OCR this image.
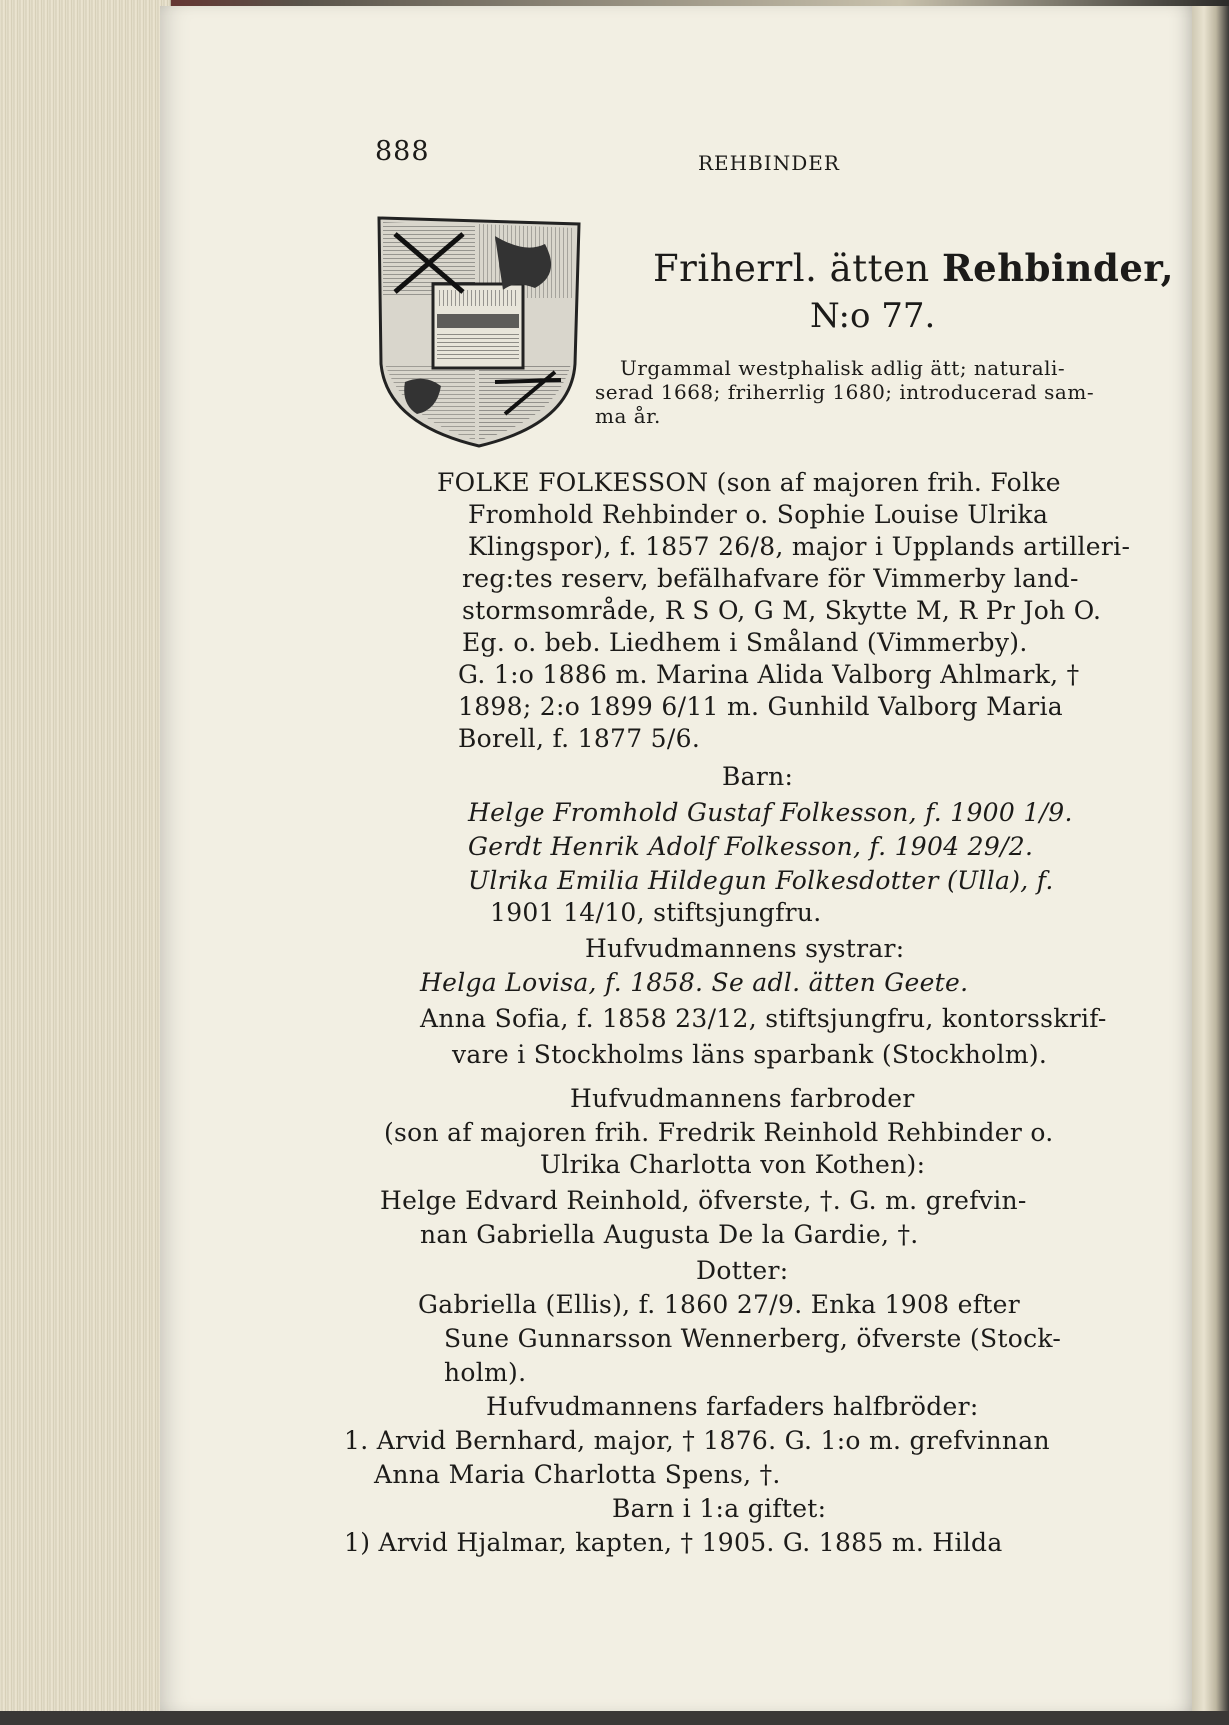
888	REHBINDER
Friherrl. ätten Rehbinder,
N:o 77.
Urgammal westphalisk adlig ätt; naturali-
serad 1668; friherrlig 1680; introducerad sam-
ma år.
FOLKE FOLKESSON (son af majoren frih. Folke
Fromhold Rehbinder o. Sophie Louise Ulrika
Klingspor), f. 1857 26/8, major i Upplands artilleri-
reg:tes reserv, befälhafvare för Vimmerby land-
stormsområde, R S O, G M, Skytte M, R Pr Joh O.
Eg. o. beb. Liedhem i Småland (Vimmerby).
G. 1:o 1886 m. Marina Alida Valborg Ahlmark, †
1898; 2:o 1899 6/11 m. Gunhild Valborg Maria
Borell, f. 1877 5/6.
Barn:
Helge Fromhold Gustaf Folkesson, f. 1900 1/9.
Gerdt Henrik Adolf Folkesson, f. 1904 29/2.
Ulrika Emilia Hildegun Folkesdotter (Ulla), f.
1901 14/10, stiftsjungfru.
Hufvudmannens systrar:
Helga Lovisa, f. 1858. Se adl. ätten Geete.
Anna Sofia, f. 1858 23/12, stiftsjungfru, kontorsskrif-
vare i Stockholms läns sparbank (Stockholm).
Hufvudmannens farbroder
(son af majoren frih. Fredrik Reinhold Rehbinder o.
Ulrika Charlotta von Kothen):
Helge Edvard Reinhold, öfverste, †. G. m. grefvin-
nan Gabriella Augusta De la Gardie, †.
Dotter:
Gabriella (Ellis), f. 1860 27/9. Enka 1908 efter
Sune Gunnarsson Wennerberg, öfverste (Stock-
holm).
Hufvudmannens farfaders halfbröder:
1. Arvid Bernhard, major, † 1876. G. 1:o m. grefvinnan
Anna Maria Charlotta Spens, †.
Barn i 1:a giftet:
1) Arvid Hjalmar, kapten, † 1905. G. 1885 m. Hilda
